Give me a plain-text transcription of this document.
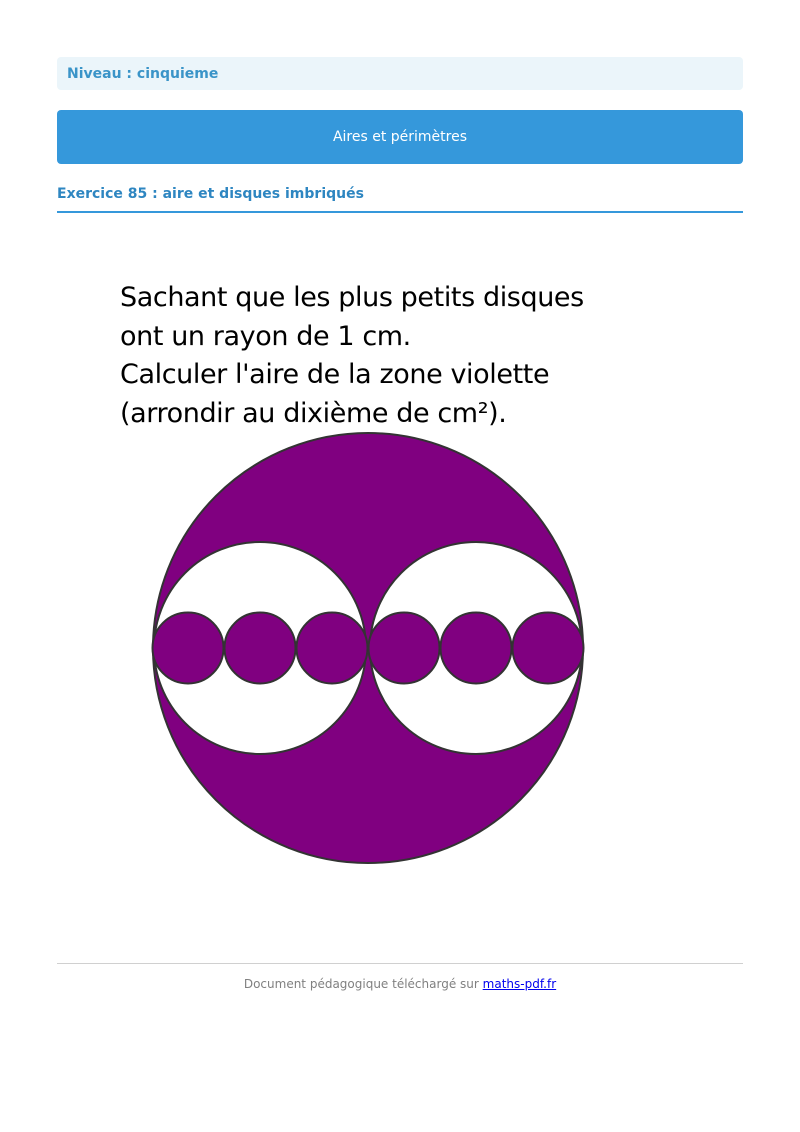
Niveau : cinquieme
Aires et périmètres
Exercice 85 : aire et disques imbriqués
Sachant que les plus petits disques
ont un rayon de 1 cm.
Calculer l'aire de la zone violette
(arrondir au dixième de cm²).
Document pédagogique téléchargé sur maths-pdf.fr
